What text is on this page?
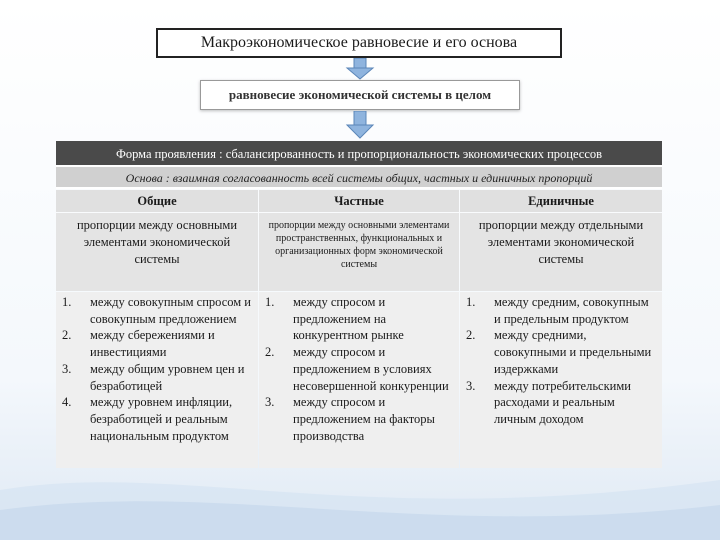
Макроэкономическое равновесие и его основа
равновесие экономической системы в целом
Форма проявления : сбалансированность и пропорциональность экономических процессов
Основа : взаимная согласованность всей системы общих, частных и единичных пропорций
Общие	Частные	Единичные
пропорции между основными элементами экономической системы
пропорции между основными элементами пространственных, функциональных и организационных форм экономической системы
пропорции между отдельными элементами экономической системы
1. между совокупным спросом и совокупным предложением
2. между сбережениями и инвестициями
3. между общим уровнем цен и безработицей
4. между уровнем инфляции, безработицей и реальным национальным продуктом
1. между спросом и предложением на конкурентном рынке
2. между спросом и предложением в условиях несовершенной конкуренции
3. между спросом и предложением на факторы производства
1. между средним, совокупным и предельным продуктом
2. между средними, совокупными и предельными издержками
3. между потребительскими расходами и реальным личным доходом
